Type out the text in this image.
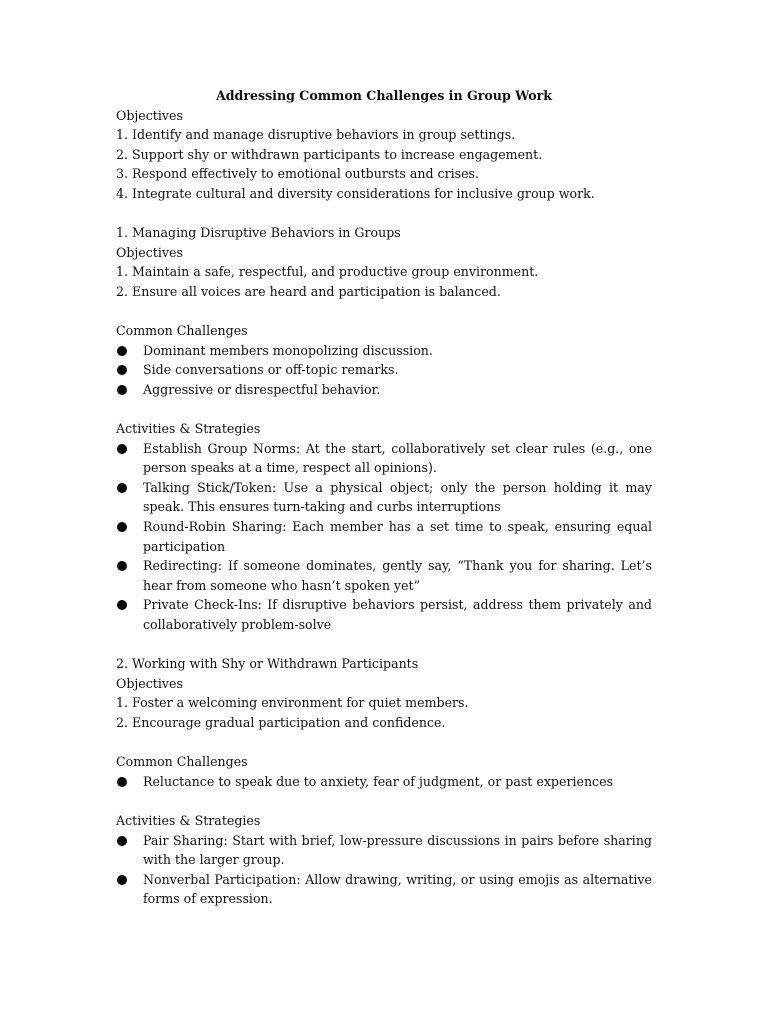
Addressing Common Challenges in Group Work

Objectives

1. Identify and manage disruptive behaviors in group settings.

2. Support shy or withdrawn participants to increase engagement.

3. Respond effectively to emotional outbursts and crises.

4. Integrate cultural and diversity considerations for inclusive group work.

1. Managing Disruptive Behaviors in Groups

Objectives

1. Maintain a safe, respectful, and productive group environment.

2. Ensure all voices are heard and participation is balanced.

Common Challenges

Dominant members monopolizing discussion.
Side conversations or off-topic remarks.
Aggressive or disrespectful behavior.

Activities & Strategies

Establish Group Norms: At the start, collaboratively set clear rules (e.g., one person speaks at a time, respect all opinions).
Talking Stick/Token: Use a physical object; only the person holding it may speak. This ensures turn-taking and curbs interruptions
Round-Robin Sharing: Each member has a set time to speak, ensuring equal participation
Redirecting: If someone dominates, gently say, “Thank you for sharing. Let’s hear from someone who hasn’t spoken yet”
Private Check-Ins: If disruptive behaviors persist, address them privately and collaboratively problem-solve

2. Working with Shy or Withdrawn Participants

Objectives

1. Foster a welcoming environment for quiet members.

2. Encourage gradual participation and confidence.

Common Challenges

Reluctance to speak due to anxiety, fear of judgment, or past experiences

Activities & Strategies

Pair Sharing: Start with brief, low-pressure discussions in pairs before sharing with the larger group.
Nonverbal Participation: Allow drawing, writing, or using emojis as alternative forms of expression.
